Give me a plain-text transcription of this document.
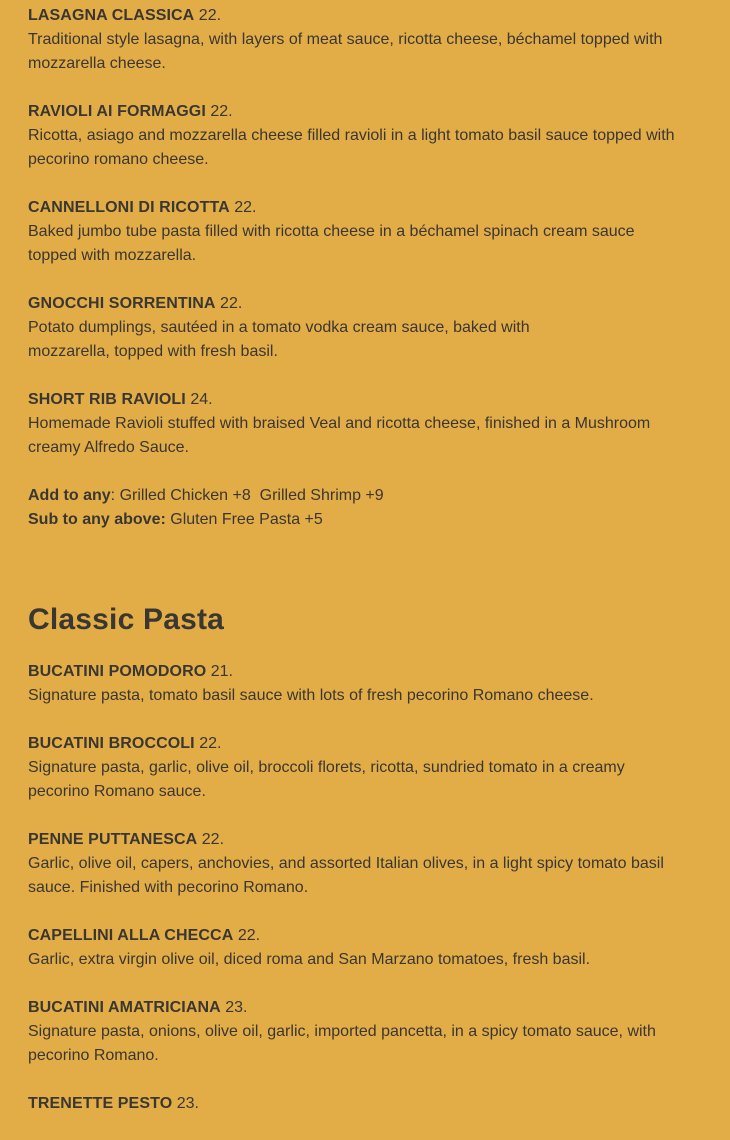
LASAGNA CLASSICA 22.
Traditional style lasagna, with layers of meat sauce, ricotta cheese, béchamel topped with
mozzarella cheese.
RAVIOLI AI FORMAGGI 22.
Ricotta, asiago and mozzarella cheese filled ravioli in a light tomato basil sauce topped with
pecorino romano cheese.
CANNELLONI DI RICOTTA 22.
Baked jumbo tube pasta filled with ricotta cheese in a béchamel spinach cream sauce
topped with mozzarella.
GNOCCHI SORRENTINA 22.
Potato dumplings, sautéed in a tomato vodka cream sauce, baked with
mozzarella, topped with fresh basil.
SHORT RIB RAVIOLI 24.
Homemade Ravioli stuffed with braised Veal and ricotta cheese, finished in a Mushroom
creamy Alfredo Sauce.
Add to any: Grilled Chicken +8  Grilled Shrimp +9
Sub to any above: Gluten Free Pasta +5
Classic Pasta
BUCATINI POMODORO 21.
Signature pasta, tomato basil sauce with lots of fresh pecorino Romano cheese.
BUCATINI BROCCOLI 22.
Signature pasta, garlic, olive oil, broccoli florets, ricotta, sundried tomato in a creamy
pecorino Romano sauce.
PENNE PUTTANESCA 22.
Garlic, olive oil, capers, anchovies, and assorted Italian olives, in a light spicy tomato basil
sauce. Finished with pecorino Romano.
CAPELLINI ALLA CHECCA 22.
Garlic, extra virgin olive oil, diced roma and San Marzano tomatoes, fresh basil.
BUCATINI AMATRICIANA 23.
Signature pasta, onions, olive oil, garlic, imported pancetta, in a spicy tomato sauce, with
pecorino Romano.
TRENETTE PESTO 23.
